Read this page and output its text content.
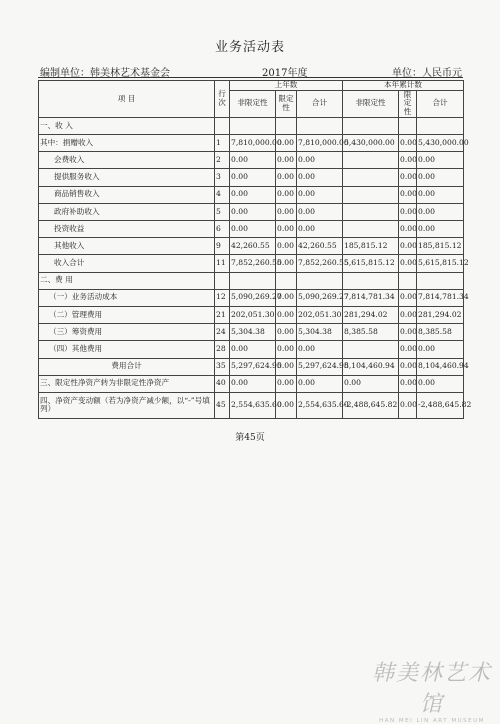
业务活动表
编制单位：韩美林艺术基金会	2017年度	单位：人民币元
项 目	行次	上年数			本年累计数		
		非限定性	限定性	合计	非限定性	限定性	合计
一、收 入							
其中：捐赠收入	1	7,810,000.00	0.00	7,810,000.00	5,430,000.00	0.00	5,430,000.00
会费收入	2	0.00	0.00	0.00		0.00	0.00
提供服务收入	3	0.00	0.00	0.00		0.00	0.00
商品销售收入	4	0.00	0.00	0.00		0.00	0.00
政府补助收入	5	0.00	0.00	0.00		0.00	0.00
投资收益	6	0.00	0.00	0.00		0.00	0.00
其他收入	9	42,260.55	0.00	42,260.55	185,815.12	0.00	185,815.12
收入合计	11	7,852,260.55	0.00	7,852,260.55	5,615,815.12	0.00	5,615,815.12
二、费 用							
（一）业务活动成本	12	5,090,269.27	0.00	5,090,269.27	7,814,781.34	0.00	7,814,781.34
（二）管理费用	21	202,051.30	0.00	202,051.30	281,294.02	0.00	281,294.02
（三）筹资费用	24	5,304.38	0.00	5,304.38	8,385.58	0.00	8,385.58
（四）其他费用	28	0.00	0.00	0.00		0.00	0.00
费用合计	35	5,297,624.95	0.00	5,297,624.95	8,104,460.94	0.00	8,104,460.94
三、限定性净资产转为非限定性净资产	40	0.00	0.00	0.00	0.00	0.00	0.00
四、净资产变动额（若为净资产减少额，以“-”号填列）	45	2,554,635.60	0.00	2,554,635.60	-2,488,645.82	0.00	-2,488,645.82
第45页
韩美林艺术馆
HAN MEI LIN ART MUSEUM
